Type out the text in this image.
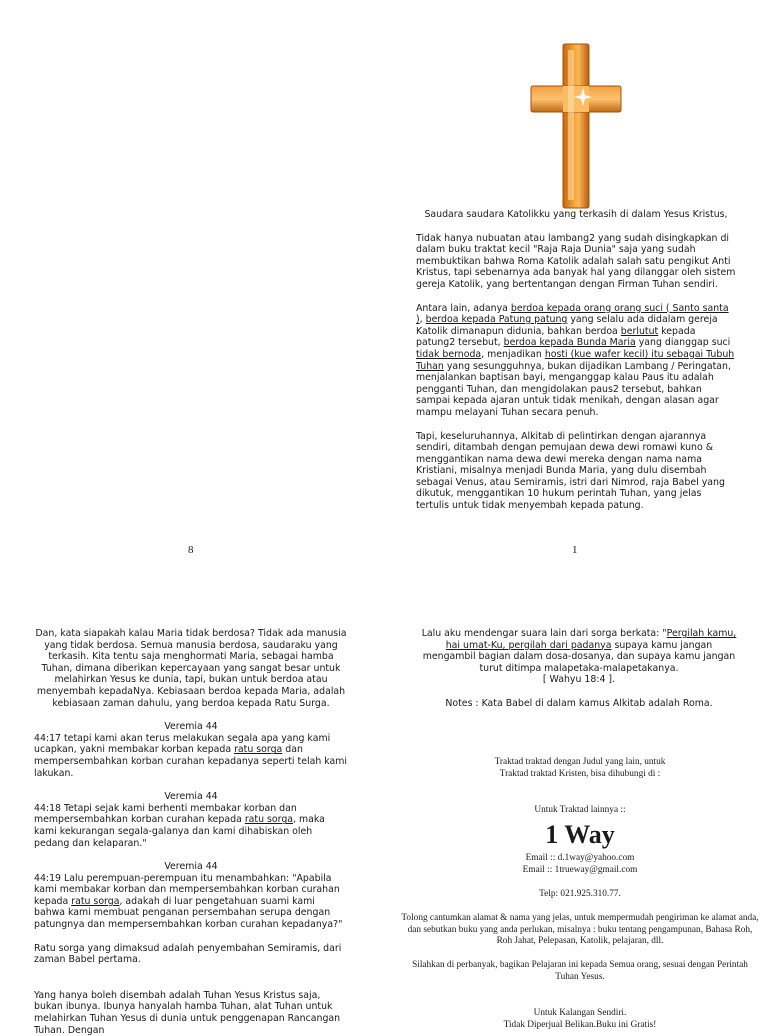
Saudara saudara Katolikku yang terkasih di dalam Yesus Kristus,

Tidak hanya nubuatan atau lambang2 yang sudah disingkapkan di dalam buku traktat kecil "Raja Raja Dunia" saja yang sudah membuktikan bahwa Roma Katolik adalah salah satu pengikut Anti Kristus, tapi sebenarnya ada banyak hal yang dilanggar oleh sistem gereja Katolik, yang bertentangan dengan Firman Tuhan sendiri.

Antara lain, adanya berdoa kepada orang orang suci ( Santo santa ), berdoa kepada Patung patung yang selalu ada didalam gereja Katolik dimanapun didunia, bahkan berdoa berlutut kepada patung2 tersebut, berdoa kepada Bunda Maria yang dianggap suci tidak bernoda, menjadikan hosti (kue wafer kecil) itu sebagai Tubuh Tuhan yang sesungguhnya, bukan dijadikan Lambang / Peringatan, menjalankan baptisan bayi, menganggap kalau Paus itu adalah pengganti Tuhan, dan mengidolakan paus2 tersebut, bahkan sampai kepada ajaran untuk tidak menikah, dengan alasan agar mampu melayani Tuhan secara penuh.

Tapi, keseluruhannya, Alkitab di pelintirkan dengan ajarannya sendiri, ditambah dengan pemujaan dewa dewi romawi kuno & menggantikan nama dewa dewi mereka dengan nama nama Kristiani, misalnya menjadi Bunda Maria, yang dulu disembah sebagai Venus, atau Semiramis, istri dari Nimrod, raja Babel yang dikutuk, menggantikan 10 hukum perintah Tuhan, yang jelas tertulis untuk tidak menyembah kepada patung.

8	1

Dan, kata siapakah kalau Maria tidak berdosa? Tidak ada manusia yang tidak berdosa. Semua manusia berdosa, saudaraku yang terkasih. Kita tentu saja menghormati Maria, sebagai hamba Tuhan, dimana diberikan kepercayaan yang sangat besar untuk melahirkan Yesus ke dunia, tapi, bukan untuk berdoa atau menyembah kepadaNya. Kebiasaan berdoa kepada Maria, adalah kebiasaan zaman dahulu, yang berdoa kepada Ratu Surga.

Veremia 44

44:17 tetapi kami akan terus melakukan segala apa yang kami ucapkan, yakni membakar korban kepada ratu sorga dan mempersembahkan korban curahan kepadanya seperti telah kami lakukan.

Veremia 44

44:18 Tetapi sejak kami berhenti membakar korban dan mempersembahkan korban curahan kepada ratu sorga, maka kami kekurangan segala-galanya dan kami dihabiskan oleh pedang dan kelaparan."

Veremia 44

44:19 Lalu perempuan-perempuan itu menambahkan: "Apabila kami membakar korban dan mempersembahkan korban curahan kepada ratu sorga, adakah di luar pengetahuan suami kami bahwa kami membuat penganan persembahan serupa dengan patungnya dan mempersembahkan korban curahan kepadanya?"

Ratu sorga yang dimaksud adalah penyembahan Semiramis, dari zaman Babel pertama.

Yang hanya boleh disembah adalah Tuhan Yesus Kristus saja, bukan ibunya. Ibunya hanyalah hamba Tuhan, alat Tuhan untuk melahirkan Tuhan Yesus di dunia untuk penggenapan Rancangan Tuhan. Dengan

Lalu aku mendengar suara lain dari sorga berkata: "Pergilah kamu, hai umat-Ku, pergilah dari padanya supaya kamu jangan mengambil bagian dalam dosa-dosanya, dan supaya kamu jangan turut ditimpa malapetaka-malapetakanya.
[ Wahyu 18:4 ].

Notes : Kata Babel di dalam kamus Alkitab adalah Roma.

Traktad traktad dengan Judul yang lain, untuk

Traktad traktad Kristen, bisa dihubungi di :

Untuk Traktad lainnya ::

1 Way

Email :: d.1way@yahoo.com

Email :: 1trueway@gmail.com

Telp: 021.925.310.77.

Tolong cantumkan alamat & nama yang jelas, untuk mempermudah pengiriman ke alamat anda, dan sebutkan buku yang anda perlukan, misalnya : buku tentang pengampunan, Bahasa Roh, Roh Jahat, Pelepasan, Katolik, pelajaran, dll.

Silahkan di perbanyak, bagikan Pelajaran ini kepada Semua orang, sesuai dengan Perintah Tuhan Yesus.

Untuk Kalangan Sendiri.

Tidak Diperjual Belikan.Buku ini Gratis!
